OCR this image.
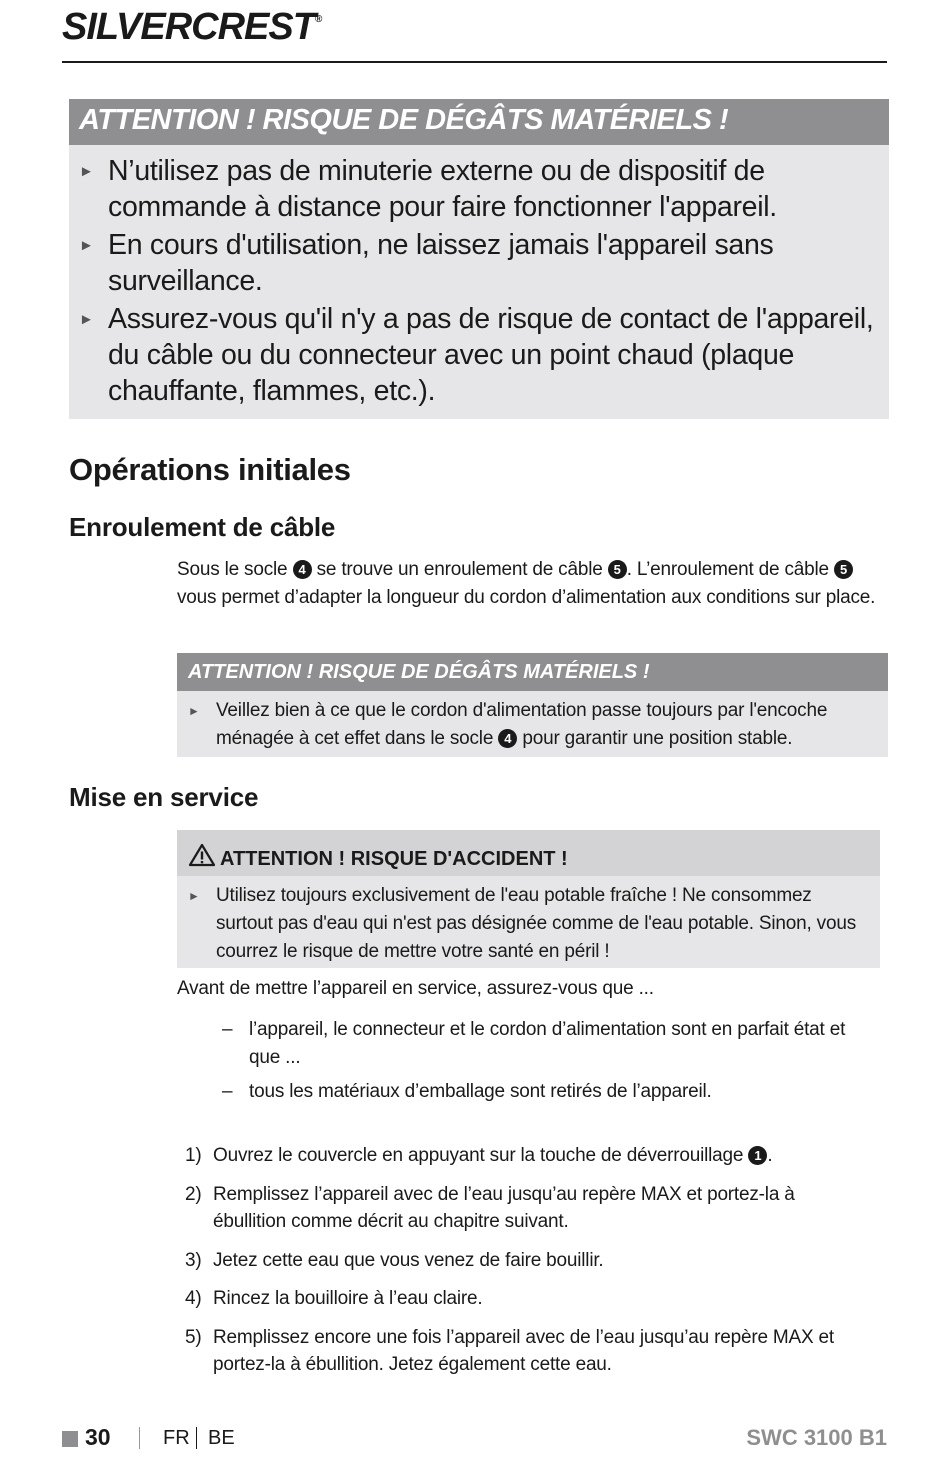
SILVERCREST®
ATTENTION ! RISQUE DE DÉGÂTS MATÉRIELS !
► N’utilisez pas de minuterie externe ou de dispositif de commande à distance pour faire fonctionner l'appareil.
► En cours d'utilisation, ne laissez jamais l'appareil sans surveillance.
► Assurez-vous qu'il n'y a pas de risque de contact de l'appareil, du câble ou du connecteur avec un point chaud (plaque chauffante, flammes, etc.).
Opérations initiales
Enroulement de câble
Sous le socle 4 se trouve un enroulement de câble 5 . L’enroulement de câble 5 vous permet d’adapter la longueur du cordon d’alimentation aux conditions sur place.
ATTENTION ! RISQUE DE DÉGÂTS MATÉRIELS !
► Veillez bien à ce que le cordon d'alimentation passe toujours par l'encoche ménagée à cet effet dans le socle 4 pour garantir une position stable.
Mise en service
ATTENTION ! RISQUE D'ACCIDENT !
► Utilisez toujours exclusivement de l'eau potable fraîche ! Ne consommez surtout pas d'eau qui n'est pas désignée comme de l'eau potable. Sinon, vous courrez le risque de mettre votre santé en péril !
Avant de mettre l’appareil en service, assurez-vous que ...
– l’appareil, le connecteur et le cordon d’alimentation sont en parfait état et que ...
– tous les matériaux d’emballage sont retirés de l’appareil.
1) Ouvrez le couvercle en appuyant sur la touche de déverrouillage 1 .
2) Remplissez l’appareil avec de l’eau jusqu’au repère MAX et portez-la à ébullition comme décrit au chapitre suivant.
3) Jetez cette eau que vous venez de faire bouillir.
4) Rincez la bouilloire à l’eau claire.
5) Remplissez encore une fois l’appareil avec de l’eau jusqu’au repère MAX et portez-la à ébullition. Jetez également cette eau.
30	FR BE	SWC 3100 B1
